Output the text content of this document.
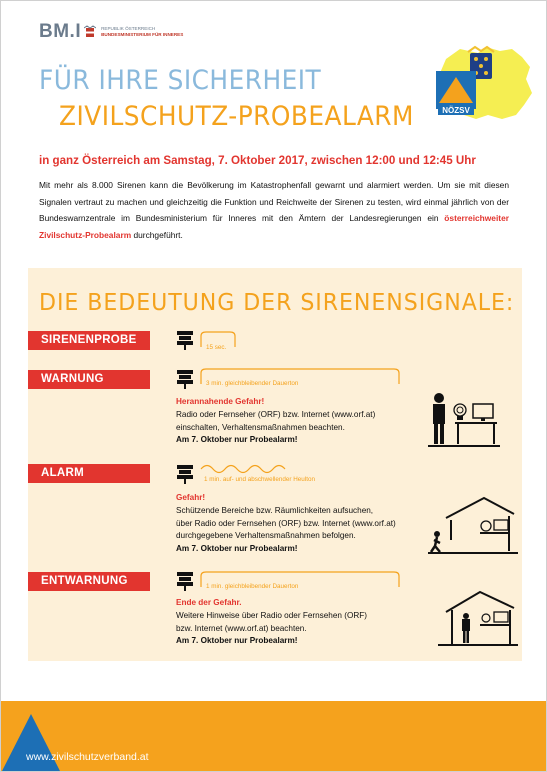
BM.I	REPUBLIK ÖSTERREICH
BUNDESMINISTERIUM FÜR INNERES
FÜR IHRE SICHERHEIT
ZIVILSCHUTZ-PROBEALARM	NÖZSV
in ganz Österreich am Samstag, 7. Oktober 2017, zwischen 12:00 und 12:45 Uhr
Mit mehr als 8.000 Sirenen kann die Bevölkerung im Katastrophenfall gewarnt und alarmiert werden. Um sie mit diesen Signalen vertraut zu machen und gleichzeitig die Funktion und Reichweite der Sirenen zu testen, wird einmal jährlich von der Bundeswarnzentrale im Bundesministerium für Inneres mit den Ämtern der Landesregierungen ein österreichweiter Zivilschutz-Probealarm durchgeführt.
DIE BEDEUTUNG DER SIRENENSIGNALE:
SIRENENPROBE
15 sec.
WARNUNG	3 min. gleichbleibender Dauerton
Herannahende Gefahr!
Radio oder Fernseher (ORF) bzw. Internet (www.orf.at)
einschalten, Verhaltensmaßnahmen beachten.
Am 7. Oktober nur Probealarm!
ALARM
1 min. auf- und abschwellender Heulton
Gefahr!
Schützende Bereiche bzw. Räumlichkeiten aufsuchen,
über Radio oder Fernsehen (ORF) bzw. Internet (www.orf.at)
durchgegebene Verhaltensmaßnahmen befolgen.
Am 7. Oktober nur Probealarm!
ENTWARNUNG	1 min. gleichbleibender Dauerton
Ende der Gefahr.
Weitere Hinweise über Radio oder Fernsehen (ORF)
bzw. Internet (www.orf.at) beachten.
Am 7. Oktober nur Probealarm!
www.zivilschutzverband.at
